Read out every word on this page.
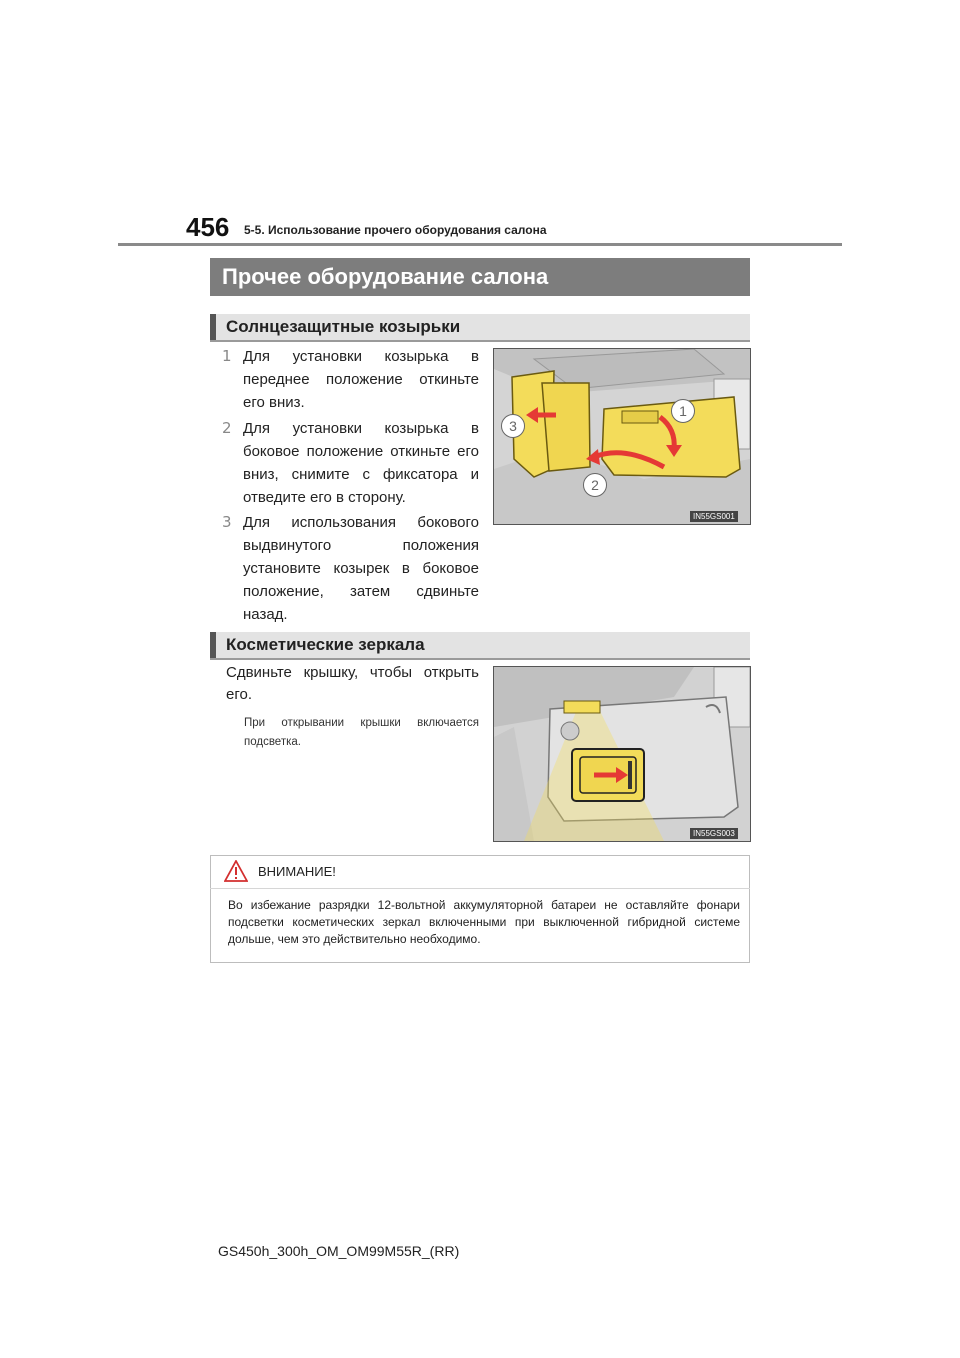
456 5-5. Использование прочего оборудования салона
Прочее оборудование салона
Солнцезащитные козырьки
1 Для установки козырька в переднее положение откиньте его вниз.
2 Для установки козырька в боковое положение откиньте его вниз, снимите с фиксатора и отведите его в сторону.
3 Для использования бокового выдвинутого положения установите козырек в боковое положение, затем сдвиньте назад.
1
2
3
IN55GS001
Косметические зеркала
Сдвиньте крышку, чтобы открыть его.
При открывании крышки включается подсветка.
IN55GS003
ВНИМАНИЕ!
Во избежание разрядки 12-вольтной аккумуляторной батареи не оставляйте фонари подсветки косметических зеркал включенными при выключенной гибридной системе дольше, чем это действительно необходимо.
GS450h_300h_OM_OM99M55R_(RR)
